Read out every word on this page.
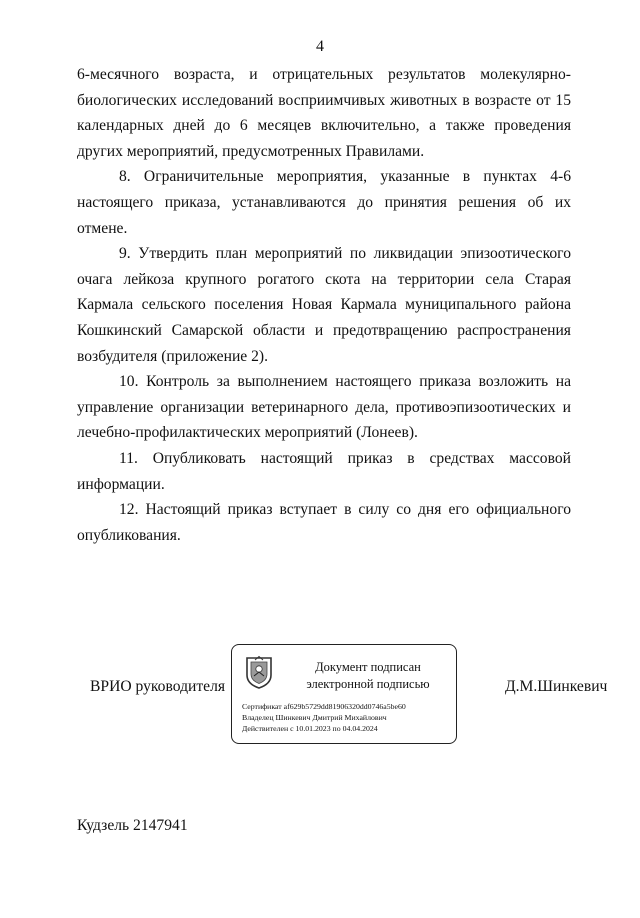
4

6-месячного возраста, и отрицательных результатов молекулярно-биологических исследований восприимчивых животных в возрасте от 15 календарных дней до 6 месяцев включительно, а также проведения других мероприятий, предусмотренных Правилами.

8. Ограничительные мероприятия, указанные в пунктах 4-6 настоящего приказа, устанавливаются до принятия решения об их отмене.

9. Утвердить план мероприятий по ликвидации эпизоотического очага лейкоза крупного рогатого скота на территории села Старая Кармала сельского поселения Новая Кармала муниципального района Кошкинский Самарской области и предотвращению распространения возбудителя (приложение 2).

10. Контроль за выполнением настоящего приказа возложить на управление организации ветеринарного дела, противоэпизоотических и лечебно-профилактических мероприятий (Лонеев).

11. Опубликовать настоящий приказ в средствах массовой информации.

12. Настоящий приказ вступает в силу со дня его официального опубликования.

ВРИО руководителя
Документ подписан
электронной подписью
Сертификат af629b5729dd81906320dd0746a5be60
Владелец Шинкевич Дмитрий Михайлович
Действителен с 10.01.2023 по 04.04.2024
Д.М.Шинкевич
Кудзель 2147941
